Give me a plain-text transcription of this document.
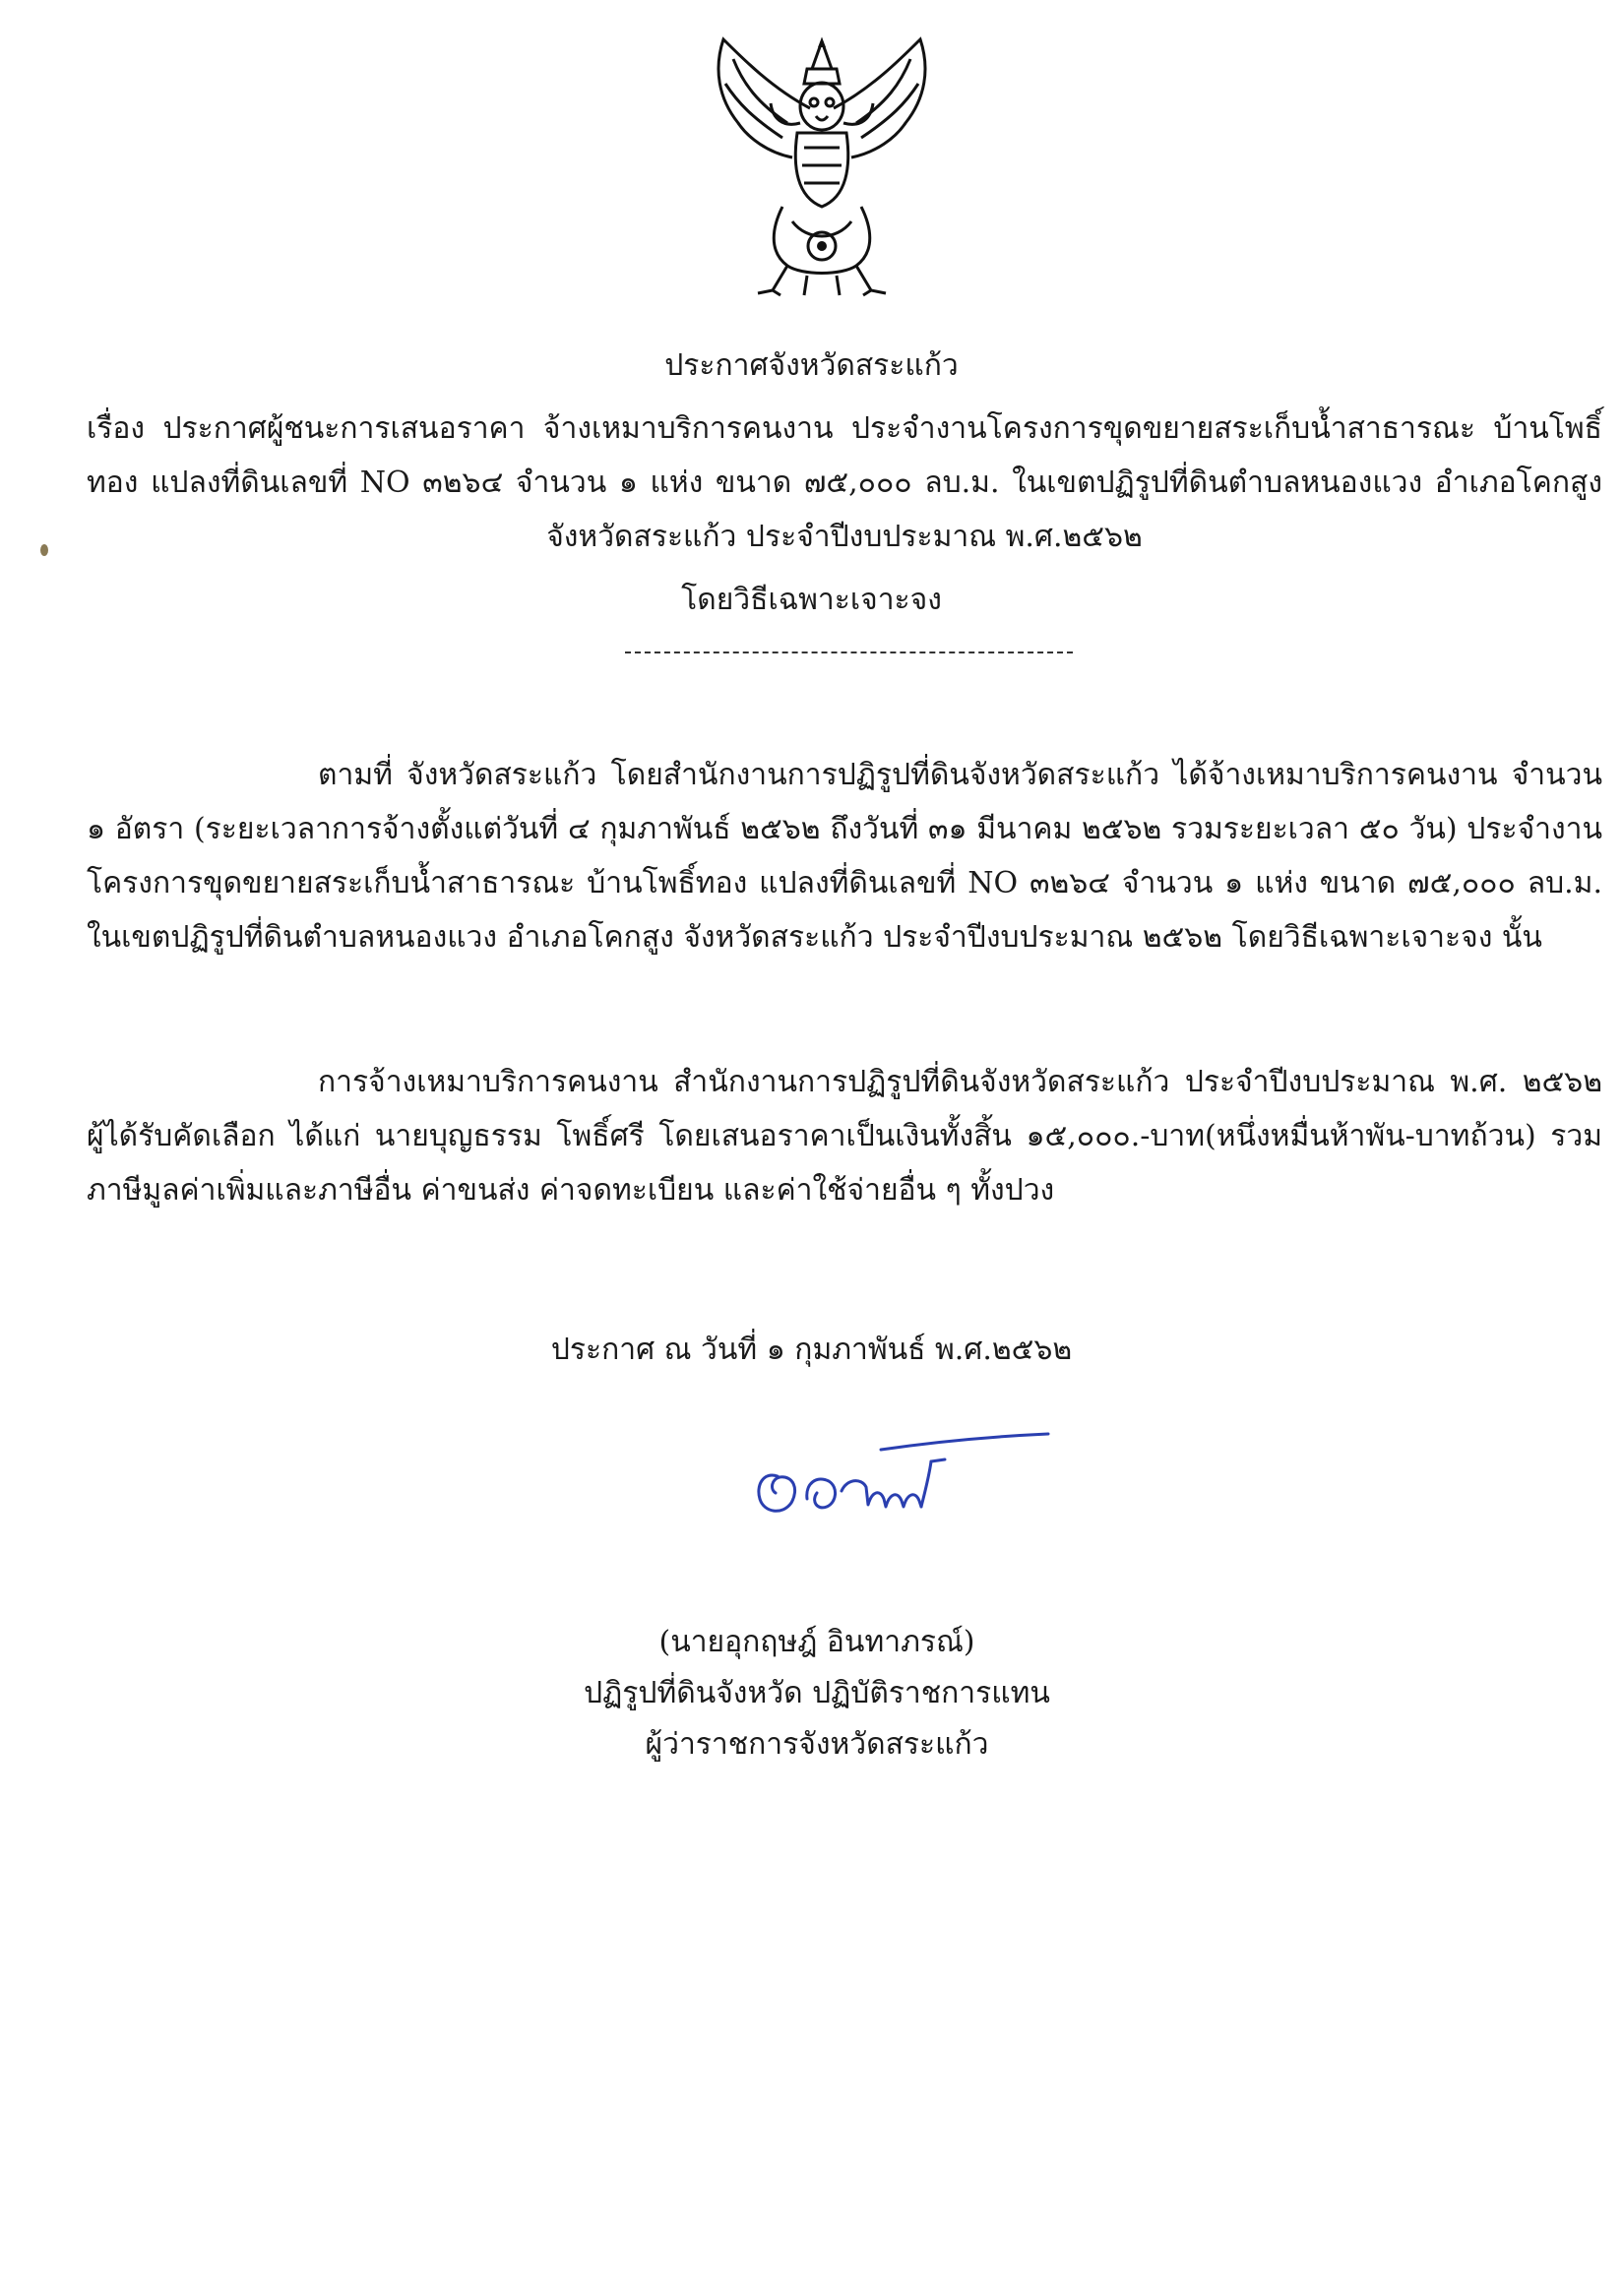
ประกาศจังหวัดสระแก้ว
เรื่อง ประกาศผู้ชนะการเสนอราคา จ้างเหมาบริการคนงาน ประจำงานโครงการขุดขยายสระเก็บน้ำสาธารณะ บ้านโพธิ์ทอง แปลงที่ดินเลขที่ NO ๓๒๖๔ จำนวน ๑ แห่ง ขนาด ๗๕,๐๐๐ ลบ.ม. ในเขตปฏิรูปที่ดินตำบลหนองแวง อำเภอโคกสูง จังหวัดสระแก้ว ประจำปีงบประมาณ พ.ศ.๒๕๖๒
โดยวิธีเฉพาะเจาะจง
ตามที่ จังหวัดสระแก้ว โดยสำนักงานการปฏิรูปที่ดินจังหวัดสระแก้ว ได้จ้างเหมาบริการคนงาน จำนวน ๑ อัตรา (ระยะเวลาการจ้างตั้งแต่วันที่ ๔ กุมภาพันธ์ ๒๕๖๒ ถึงวันที่ ๓๑ มีนาคม ๒๕๖๒ รวมระยะเวลา ๕๐ วัน) ประจำงานโครงการขุดขยายสระเก็บน้ำสาธารณะ บ้านโพธิ์ทอง แปลงที่ดินเลขที่ NO ๓๒๖๔ จำนวน ๑ แห่ง ขนาด ๗๕,๐๐๐ ลบ.ม. ในเขตปฏิรูปที่ดินตำบลหนองแวง อำเภอโคกสูง จังหวัดสระแก้ว ประจำปีงบประมาณ ๒๕๖๒ โดยวิธีเฉพาะเจาะจง นั้น
การจ้างเหมาบริการคนงาน สำนักงานการปฏิรูปที่ดินจังหวัดสระแก้ว ประจำปีงบประมาณ พ.ศ. ๒๕๖๒ ผู้ได้รับคัดเลือก ได้แก่ นายบุญธรรม โพธิ์ศรี โดยเสนอราคาเป็นเงินทั้งสิ้น ๑๕,๐๐๐.-บาท(หนึ่งหมื่นห้าพัน-บาทถ้วน) รวมภาษีมูลค่าเพิ่มและภาษีอื่น ค่าขนส่ง ค่าจดทะเบียน และค่าใช้จ่ายอื่น ๆ ทั้งปวง
ประกาศ ณ วันที่ ๑ กุมภาพันธ์ พ.ศ.๒๕๖๒
(นายอุกฤษฎ์ อินทาภรณ์)
ปฏิรูปที่ดินจังหวัด ปฏิบัติราชการแทน
ผู้ว่าราชการจังหวัดสระแก้ว
